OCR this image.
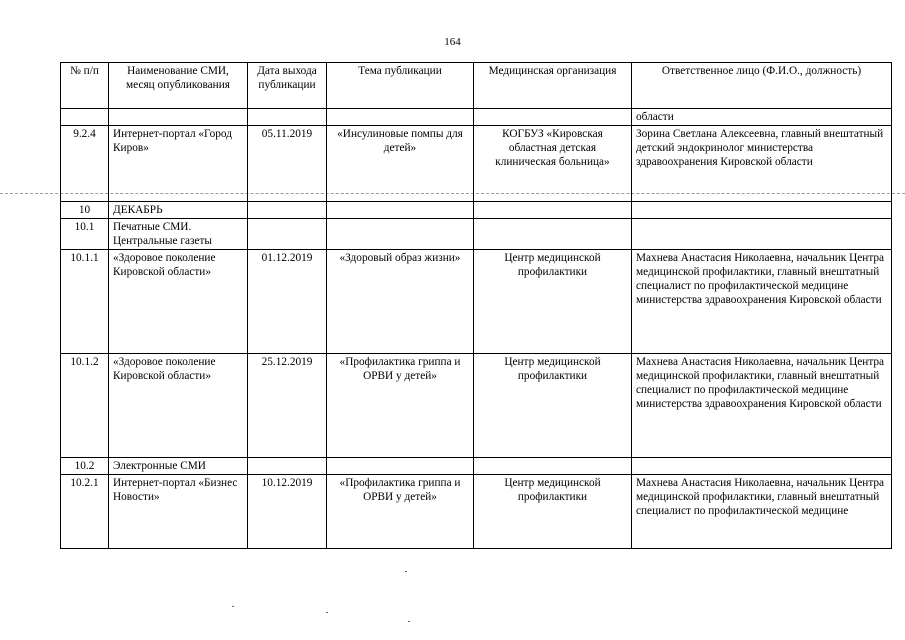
164
№ п/п	Наименование СМИ, месяц опубликования	Дата выхода публикации	Тема публикации	Медицинская организация	Ответственное лицо (Ф.И.О., должность)
					области
9.2.4	Интернет-портал «Город Киров»	05.11.2019	«Инсулиновые помпы для детей»	КОГБУЗ «Кировская областная детская клиническая больница»	Зорина Светлана Алексеевна, главный внештатный детский эндокринолог министерства здравоохранения Кировской области
10	ДЕКАБРЬ				
10.1	Печатные СМИ. Центральные газеты				
10.1.1	«Здоровое поколение Кировской области»	01.12.2019	«Здоровый образ жизни»	Центр медицинской профилактики	Махнева Анастасия Николаевна, начальник Центра медицинской профилактики, главный внештатный специалист по профилактической медицине министерства здравоохранения Кировской области
10.1.2	«Здоровое поколение Кировской области»	25.12.2019	«Профилактика гриппа и ОРВИ у детей»	Центр медицинской профилактики	Махнева Анастасия Николаевна, начальник Центра медицинской профилактики, главный внештатный специалист по профилактической медицине министерства здравоохранения Кировской области
10.2	Электронные СМИ				
10.2.1	Интернет-портал «Бизнес Новости»	10.12.2019	«Профилактика гриппа и ОРВИ у детей»	Центр медицинской профилактики	Махнева Анастасия Николаевна, начальник Центра медицинской профилактики, главный внештатный специалист по профилактической медицине
